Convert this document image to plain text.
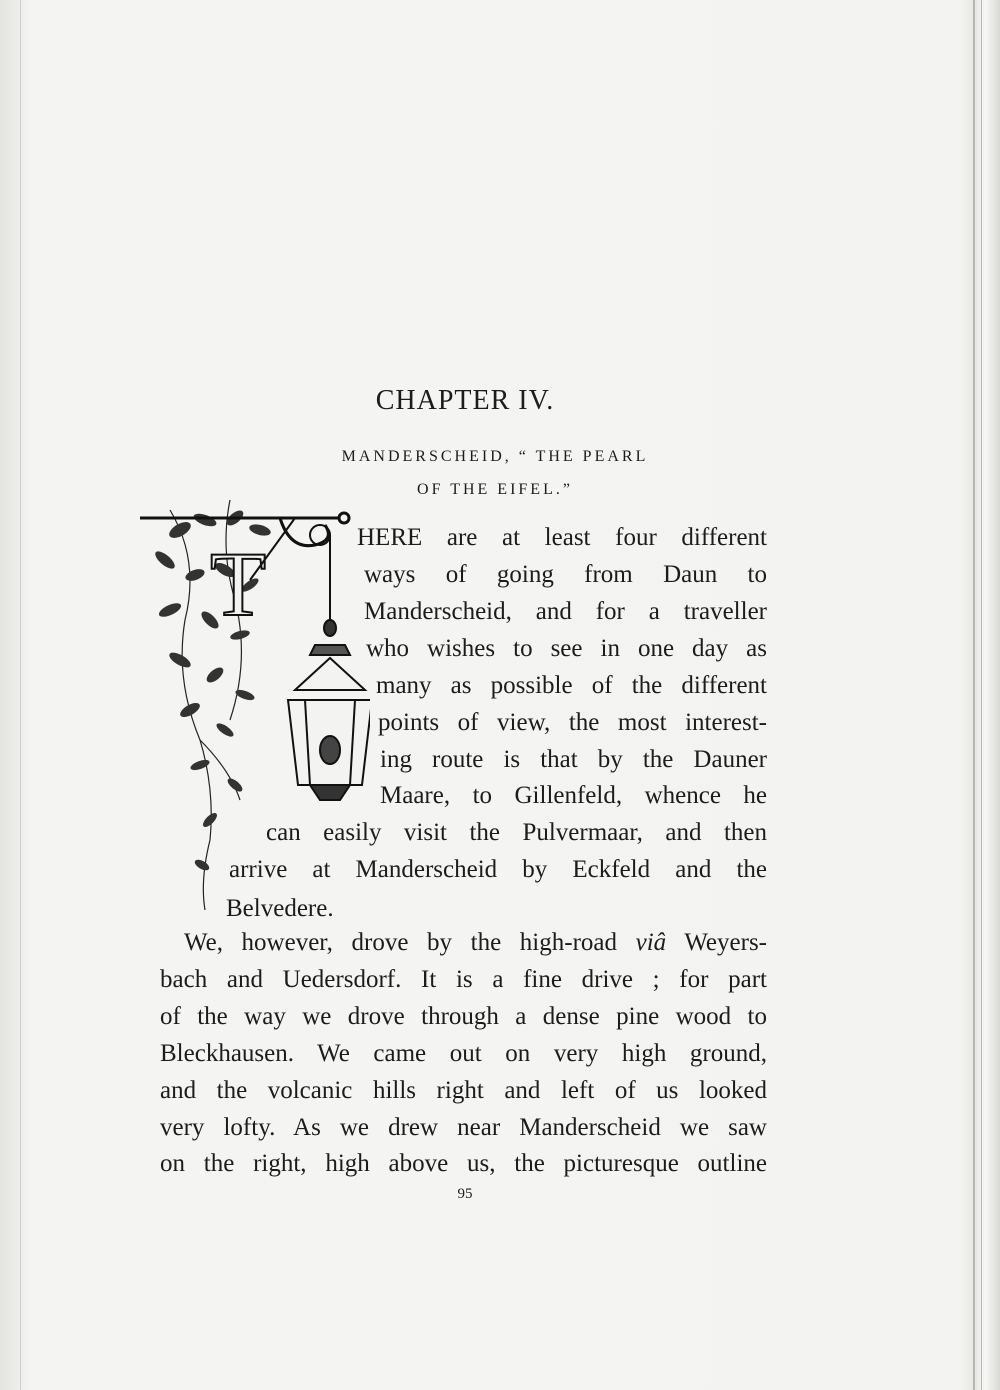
CHAPTER IV.
MANDERSCHEID, “ THE PEARL
OF THE EIFEL.”
T	HERE are at least four different
ways of going from Daun to
Manderscheid, and for a traveller
who wishes to see in one day as
many as possible of the different
points of view, the most interest-
ing route is that by the Dauner
Maare, to Gillenfeld, whence he
can easily visit the Pulvermaar, and then
arrive at Manderscheid by Eckfeld and the
Belvedere.
We, however, drove by the high-road viâ Weyers-
bach and Uedersdorf. It is a fine drive ; for part
of the way we drove through a dense pine wood to
Bleckhausen. We came out on very high ground,
and the volcanic hills right and left of us looked
very lofty. As we drew near Manderscheid we saw
on the right, high above us, the picturesque outline
95
